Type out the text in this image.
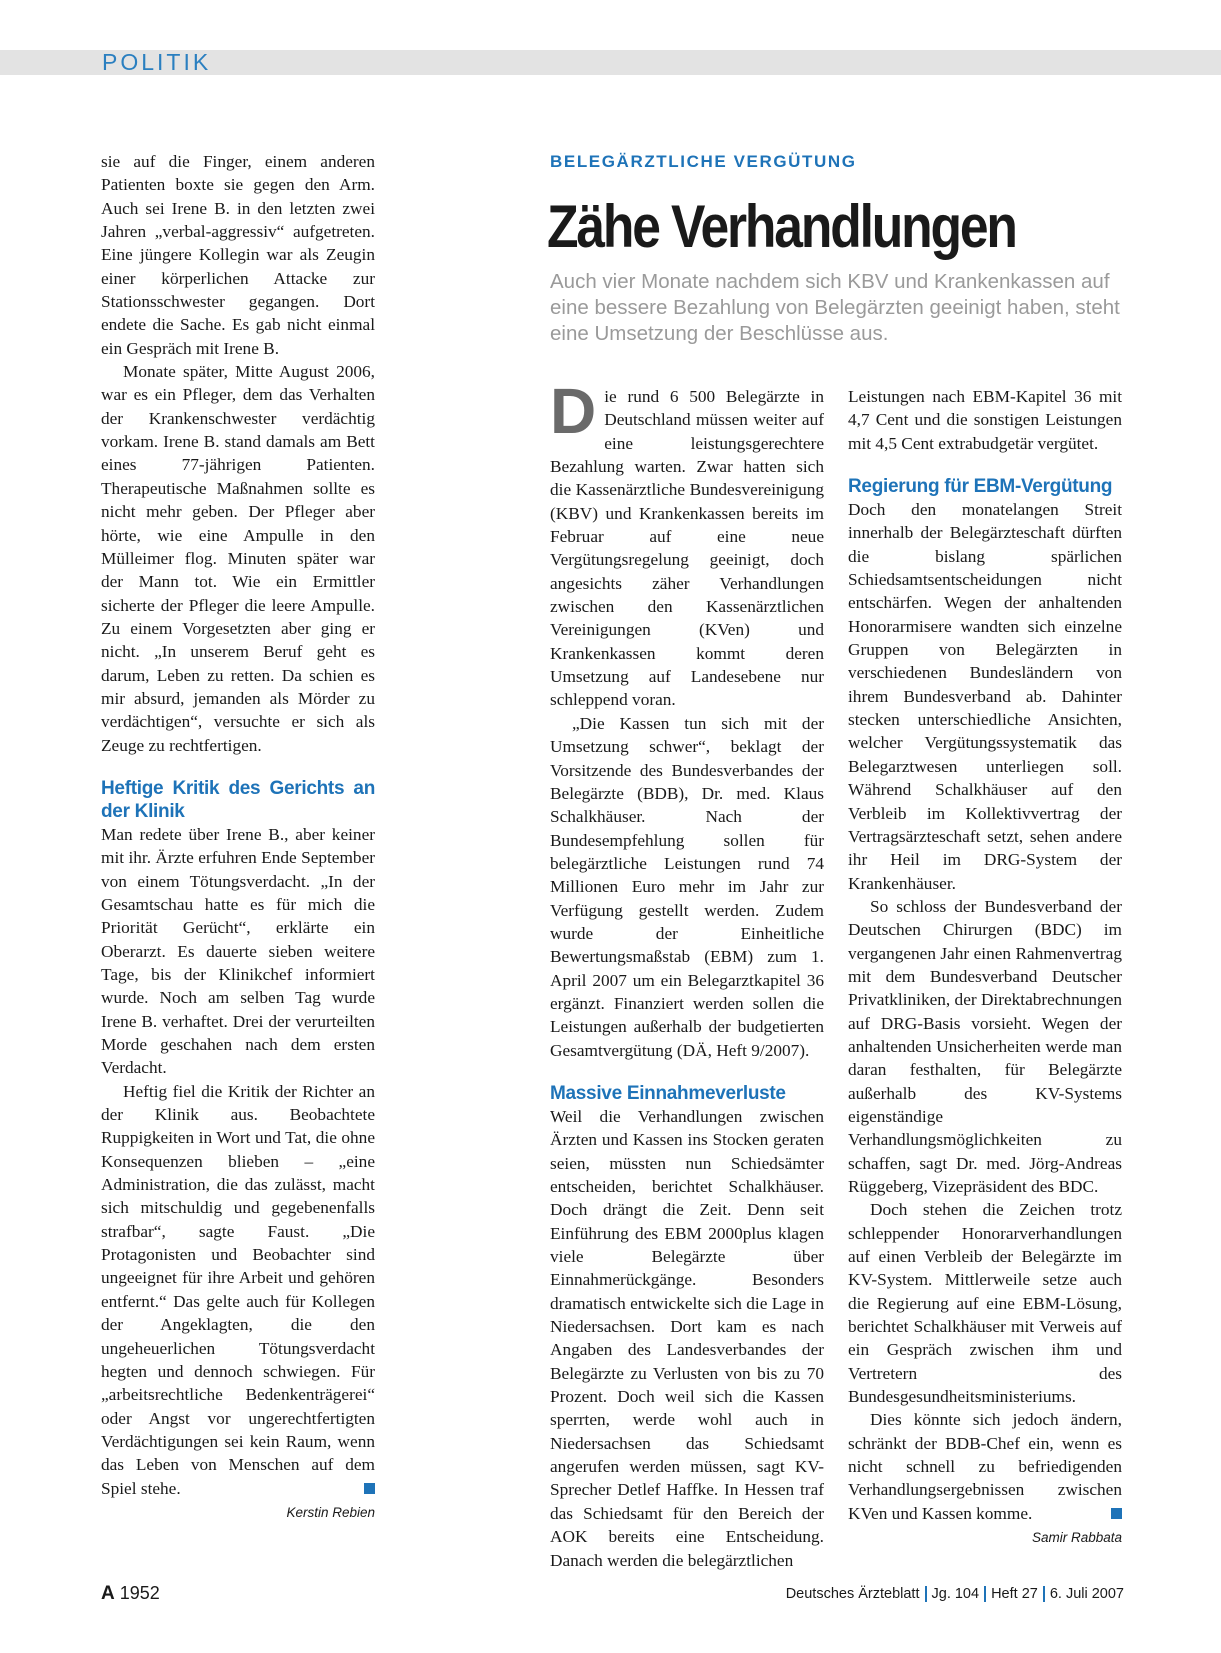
POLITIK

sie auf die Finger, einem anderen Patienten boxte sie gegen den Arm. Auch sei Irene B. in den letzten zwei Jahren „verbal-aggressiv“ aufgetreten. Eine jüngere Kollegin war als Zeugin einer körperlichen Attacke zur Stationsschwester gegangen. Dort endete die Sache. Es gab nicht einmal ein Gespräch mit Irene B.

Monate später, Mitte August 2006, war es ein Pfleger, dem das Verhalten der Krankenschwester verdächtig vorkam. Irene B. stand damals am Bett eines 77-jährigen Patienten. Therapeutische Maßnahmen sollte es nicht mehr geben. Der Pfleger aber hörte, wie eine Ampulle in den Mülleimer flog. Minuten später war der Mann tot. Wie ein Ermittler sicherte der Pfleger die leere Ampulle. Zu einem Vorgesetzten aber ging er nicht. „In unserem Beruf geht es darum, Leben zu retten. Da schien es mir absurd, jemanden als Mörder zu verdächtigen“, versuchte er sich als Zeuge zu rechtfertigen.

Heftige Kritik des Gerichts an der Klinik

Man redete über Irene B., aber keiner mit ihr. Ärzte erfuhren Ende September von einem Tötungsverdacht. „In der Gesamtschau hatte es für mich die Priorität Gerücht“, erklärte ein Oberarzt. Es dauerte sieben weitere Tage, bis der Klinikchef informiert wurde. Noch am selben Tag wurde Irene B. verhaftet. Drei der verurteilten Morde geschahen nach dem ersten Verdacht.

Heftig fiel die Kritik der Richter an der Klinik aus. Beobachtete Ruppigkeiten in Wort und Tat, die ohne Konsequenzen blieben – „eine Administration, die das zulässt, macht sich mitschuldig und gegebenenfalls strafbar“, sagte Faust. „Die Protagonisten und Beobachter sind ungeeignet für ihre Arbeit und gehören entfernt.“ Das gelte auch für Kollegen der Angeklagten, die den ungeheuerlichen Tötungsverdacht hegten und dennoch schwiegen. Für „arbeitsrechtliche Bedenkenträgerei“ oder Angst vor ungerechtfertigten Verdächtigungen sei kein Raum, wenn das Leben von Menschen auf dem Spiel stehe.

Kerstin Rebien
BELEGÄRZTLICHE VERGÜTUNG
Zähe Verhandlungen

Auch vier Monate nachdem sich KBV und Krankenkassen auf eine bessere Bezahlung von Belegärzten geeinigt haben, steht eine Umsetzung der Beschlüsse aus.

Die rund 6 500 Belegärzte in Deutschland müssen weiter auf eine leistungsgerechtere Bezahlung warten. Zwar hatten sich die Kassenärztliche Bundesvereinigung (KBV) und Krankenkassen bereits im Februar auf eine neue Vergütungsregelung geeinigt, doch angesichts zäher Verhandlungen zwischen den Kassenärztlichen Vereinigungen (KVen) und Krankenkassen kommt deren Umsetzung auf Landesebene nur schleppend voran.

„Die Kassen tun sich mit der Umsetzung schwer“, beklagt der Vorsitzende des Bundesverbandes der Belegärzte (BDB), Dr. med. Klaus Schalkhäuser. Nach der Bundesempfehlung sollen für belegärztliche Leistungen rund 74 Millionen Euro mehr im Jahr zur Verfügung gestellt werden. Zudem wurde der Einheitliche Bewertungsmaßstab (EBM) zum 1. April 2007 um ein Belegarztkapitel 36 ergänzt. Finanziert werden sollen die Leistungen außerhalb der budgetierten Gesamtvergütung (DÄ, Heft 9/2007).

Massive Einnahmeverluste

Weil die Verhandlungen zwischen Ärzten und Kassen ins Stocken geraten seien, müssten nun Schiedsämter entscheiden, berichtet Schalkhäuser. Doch drängt die Zeit. Denn seit Einführung des EBM 2000plus klagen viele Belegärzte über Einnahmerückgänge. Besonders dramatisch entwickelte sich die Lage in Niedersachsen. Dort kam es nach Angaben des Landesverbandes der Belegärzte zu Verlusten von bis zu 70 Prozent. Doch weil sich die Kassen sperrten, werde wohl auch in Niedersachsen das Schiedsamt angerufen werden müssen, sagt KV-Sprecher Detlef Haffke. In Hessen traf das Schiedsamt für den Bereich der AOK bereits eine Entscheidung. Danach werden die belegärztlichen

Leistungen nach EBM-Kapitel 36 mit 4,7 Cent und die sonstigen Leistungen mit 4,5 Cent extrabudgetär vergütet.

Regierung für EBM-Vergütung

Doch den monatelangen Streit innerhalb der Belegärzteschaft dürften die bislang spärlichen Schiedsamtsentscheidungen nicht entschärfen. Wegen der anhaltenden Honorarmisere wandten sich einzelne Gruppen von Belegärzten in verschiedenen Bundesländern von ihrem Bundesverband ab. Dahinter stecken unterschiedliche Ansichten, welcher Vergütungssystematik das Belegarztwesen unterliegen soll. Während Schalkhäuser auf den Verbleib im Kollektivvertrag der Vertragsärzteschaft setzt, sehen andere ihr Heil im DRG-System der Krankenhäuser.

So schloss der Bundesverband der Deutschen Chirurgen (BDC) im vergangenen Jahr einen Rahmenvertrag mit dem Bundesverband Deutscher Privatkliniken, der Direktabrechnungen auf DRG-Basis vorsieht. Wegen der anhaltenden Unsicherheiten werde man daran festhalten, für Belegärzte außerhalb des KV-Systems eigenständige Verhandlungsmöglichkeiten zu schaffen, sagt Dr. med. Jörg-Andreas Rüggeberg, Vizepräsident des BDC.

Doch stehen die Zeichen trotz schleppender Honorarverhandlungen auf einen Verbleib der Belegärzte im KV-System. Mittlerweile setze auch die Regierung auf eine EBM-Lösung, berichtet Schalkhäuser mit Verweis auf ein Gespräch zwischen ihm und Vertretern des Bundesgesundheitsministeriums.

Dies könnte sich jedoch ändern, schränkt der BDB-Chef ein, wenn es nicht schnell zu befriedigenden Verhandlungsergebnissen zwischen KVen und Kassen komme.

Samir Rabbata
A 1952	Deutsches Ärzteblatt Jg. 104 Heft 27 6. Juli 2007
